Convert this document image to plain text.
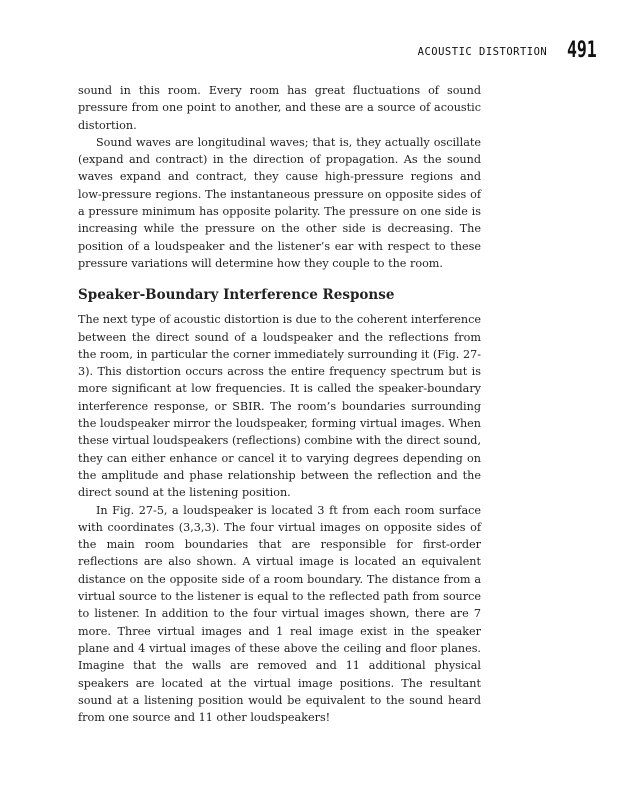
ACOUSTIC DISTORTION 491

sound in this room. Every room has great fluctuations of sound pressure from one point to another, and these are a source of acoustic distortion.

Sound waves are longitudinal waves; that is, they actually oscillate (expand and contract) in the direction of propagation. As the sound waves expand and contract, they cause high-pressure regions and low-pressure regions. The instantaneous pressure on opposite sides of a pressure minimum has opposite polarity. The pressure on one side is increasing while the pressure on the other side is decreasing. The position of a loudspeaker and the listener’s ear with respect to these pressure variations will determine how they couple to the room.

Speaker-Boundary Interference Response

The next type of acoustic distortion is due to the coherent interference between the direct sound of a loudspeaker and the reflections from the room, in particular the corner immediately surrounding it (Fig. 27-3). This distortion occurs across the entire frequency spectrum but is more significant at low frequencies. It is called the speaker-boundary interference response, or SBIR. The room’s boundaries surrounding the loudspeaker mirror the loudspeaker, forming virtual images. When these virtual loudspeakers (reflections) combine with the direct sound, they can either enhance or cancel it to varying degrees depending on the amplitude and phase relationship between the reflection and the direct sound at the listening position.

In Fig. 27-5, a loudspeaker is located 3 ft from each room surface with coordinates (3,3,3). The four virtual images on opposite sides of the main room boundaries that are responsible for first-order reflections are also shown. A virtual image is located an equivalent distance on the opposite side of a room boundary. The distance from a virtual source to the listener is equal to the reflected path from source to listener. In addition to the four virtual images shown, there are 7 more. Three virtual images and 1 real image exist in the speaker plane and 4 virtual images of these above the ceiling and floor planes. Imagine that the walls are removed and 11 additional physical speakers are located at the virtual image positions. The resultant sound at a listening position would be equivalent to the sound heard from one source and 11 other loudspeakers!
